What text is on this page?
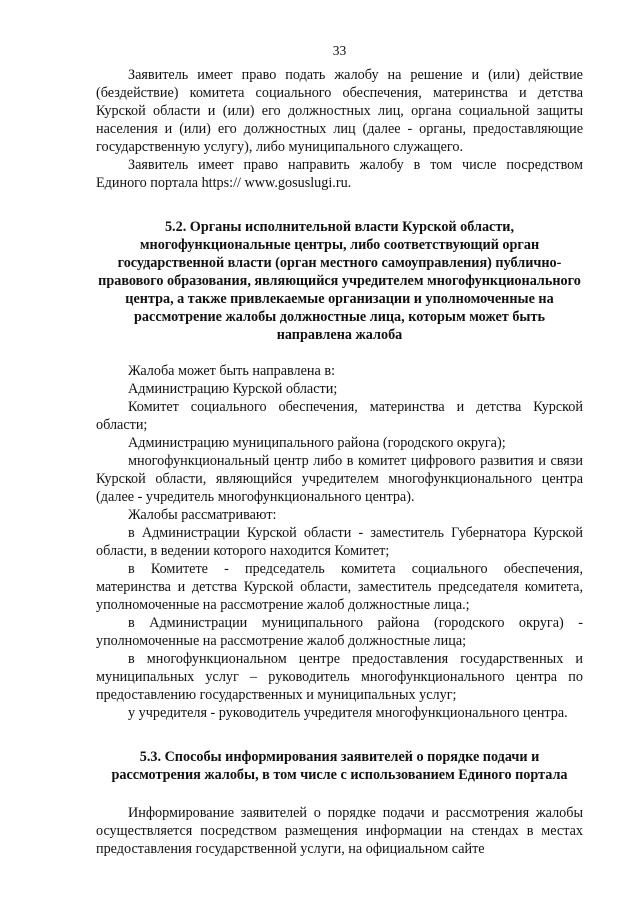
33

Заявитель имеет право подать жалобу на решение и (или) действие (бездействие) комитета социального обеспечения, материнства и детства Курской области и (или) его должностных лиц, органа социальной защиты населения и (или) его должностных лиц (далее - органы, предоставляющие государственную услугу), либо муниципального служащего.

Заявитель имеет право направить жалобу в том числе посредством Единого портала https:// www.gosuslugi.ru.

5.2. Органы исполнительной власти Курской области, многофункциональные центры, либо соответствующий орган государственной власти (орган местного самоуправления) публично-правового образования, являющийся учредителем многофункционального центра, а также привлекаемые организации и уполномоченные на рассмотрение жалобы должностные лица, которым может быть направлена жалоба

Жалоба может быть направлена в:

Администрацию Курской области;

Комитет социального обеспечения, материнства и детства Курской области;

Администрацию муниципального района (городского округа);

многофункциональный центр либо в комитет цифрового развития и связи Курской области, являющийся учредителем многофункционального центра (далее - учредитель многофункционального центра).

Жалобы рассматривают:

в Администрации Курской области - заместитель Губернатора Курской области, в ведении которого находится Комитет;

в Комитете - председатель комитета социального обеспечения, материнства и детства Курской области, заместитель председателя комитета, уполномоченные на рассмотрение жалоб должностные лица.;

в Администрации муниципального района (городского округа) - уполномоченные на рассмотрение жалоб должностные лица;

в многофункциональном центре предоставления государственных и муниципальных услуг – руководитель многофункционального центра по предоставлению государственных и муниципальных услуг;

у учредителя - руководитель учредителя многофункционального центра.

5.3. Способы информирования заявителей о порядке подачи и рассмотрения жалобы, в том числе с использованием Единого портала

Информирование заявителей о порядке подачи и рассмотрения жалобы осуществляется посредством размещения информации на стендах в местах предоставления государственной услуги, на официальном сайте
